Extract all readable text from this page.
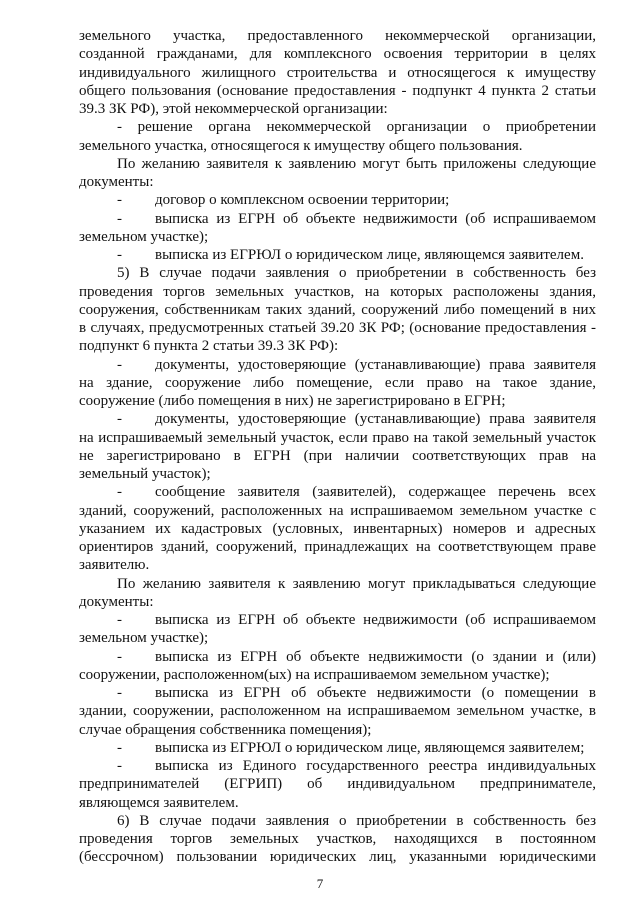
земельного участка, предоставленного некоммерческой организации,
созданной гражданами, для комплексного освоения территории в целях
индивидуального жилищного строительства и относящегося к имуществу
общего пользования (основание предоставления - подпункт 4 пункта 2 статьи
39.3 ЗК РФ), этой некоммерческой организации:
- решение органа некоммерческой организации о приобретении
земельного участка, относящегося к имуществу общего пользования.
По желанию заявителя к заявлению могут быть приложены следующие
документы:
-	договор о комплексном освоении территории;
-	выписка из ЕГРН об объекте недвижимости (об испрашиваемом
земельном участке);
-	выписка из ЕГРЮЛ о юридическом лице, являющемся заявителем.
5) В случае подачи заявления о приобретении в собственность без
проведения торгов земельных участков, на которых расположены здания,
сооружения, собственникам таких зданий, сооружений либо помещений в них
в случаях, предусмотренных статьей 39.20 ЗК РФ; (основание предоставления -
подпункт 6 пункта 2 статьи 39.3 ЗК РФ):
-	документы, удостоверяющие (устанавливающие) права заявителя
на здание, сооружение либо помещение, если право на такое здание,
сооружение (либо помещения в них) не зарегистрировано в ЕГРН;
-	документы, удостоверяющие (устанавливающие) права заявителя
на испрашиваемый земельный участок, если право на такой земельный участок
не зарегистрировано в ЕГРН (при наличии соответствующих прав на
земельный участок);
-	сообщение заявителя (заявителей), содержащее перечень всех
зданий, сооружений, расположенных на испрашиваемом земельном участке с
указанием их кадастровых (условных, инвентарных) номеров и адресных
ориентиров зданий, сооружений, принадлежащих на соответствующем праве
заявителю.
По желанию заявителя к заявлению могут прикладываться следующие
документы:
-	выписка из ЕГРН об объекте недвижимости (об испрашиваемом
земельном участке);
-	выписка из ЕГРН об объекте недвижимости (о здании и (или)
сооружении, расположенном(ых) на испрашиваемом земельном участке);
-	выписка из ЕГРН об объекте недвижимости (о помещении в
здании, сооружении, расположенном на испрашиваемом земельном участке, в
случае обращения собственника помещения);
-	выписка из ЕГРЮЛ о юридическом лице, являющемся заявителем;
-	выписка из Единого государственного реестра индивидуальных
предпринимателей (ЕГРИП) об индивидуальном предпринимателе,
являющемся заявителем.
6) В случае подачи заявления о приобретении в собственность без
проведения торгов земельных участков, находящихся в постоянном
(бессрочном) пользовании юридических лиц, указанными юридическими
7
